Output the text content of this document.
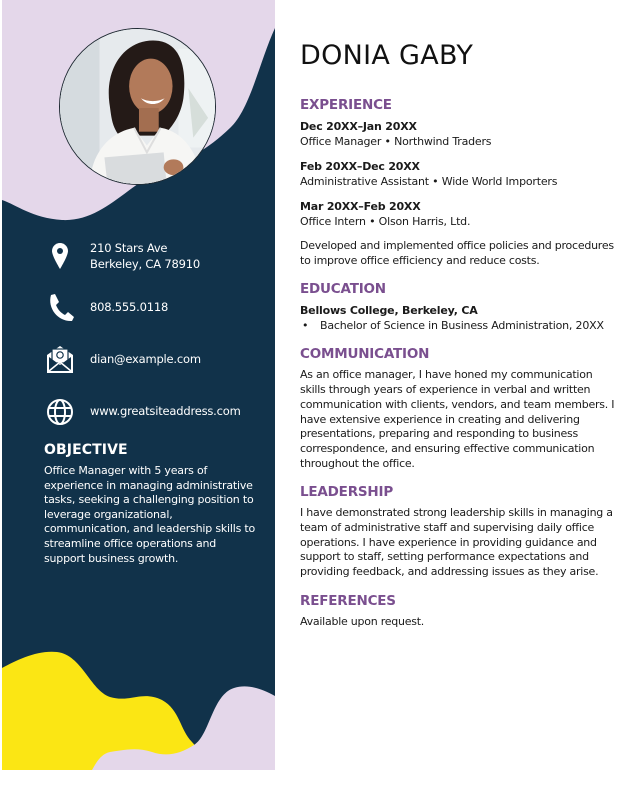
210 Stars Ave
Berkeley, CA 78910
808.555.0118
dian@example.com
www.greatsiteaddress.com
OBJECTIVE

Office Manager with 5 years of experience in managing administrative tasks, seeking a challenging position to leverage organizational, communication, and leadership skills to streamline office operations and support business growth.

DONIA GABY
EXPERIENCE
Dec 20XX–Jan 20XX
Office Manager • Northwind Traders
Feb 20XX–Dec 20XX
Administrative Assistant • Wide World Importers
Mar 20XX–Feb 20XX
Office Intern • Olson Harris, Ltd.

Developed and implemented office policies and procedures to improve office efficiency and reduce costs.

EDUCATION
Bellows College, Berkeley, CA
•	Bachelor of Science in Business Administration, 20XX
COMMUNICATION

As an office manager, I have honed my communication skills through years of experience in verbal and written communication with clients, vendors, and team members. I have extensive experience in creating and delivering presentations, preparing and responding to business correspondence, and ensuring effective communication throughout the office.

LEADERSHIP

I have demonstrated strong leadership skills in managing a team of administrative staff and supervising daily office operations. I have experience in providing guidance and support to staff, setting performance expectations and providing feedback, and addressing issues as they arise.

REFERENCES

Available upon request.
